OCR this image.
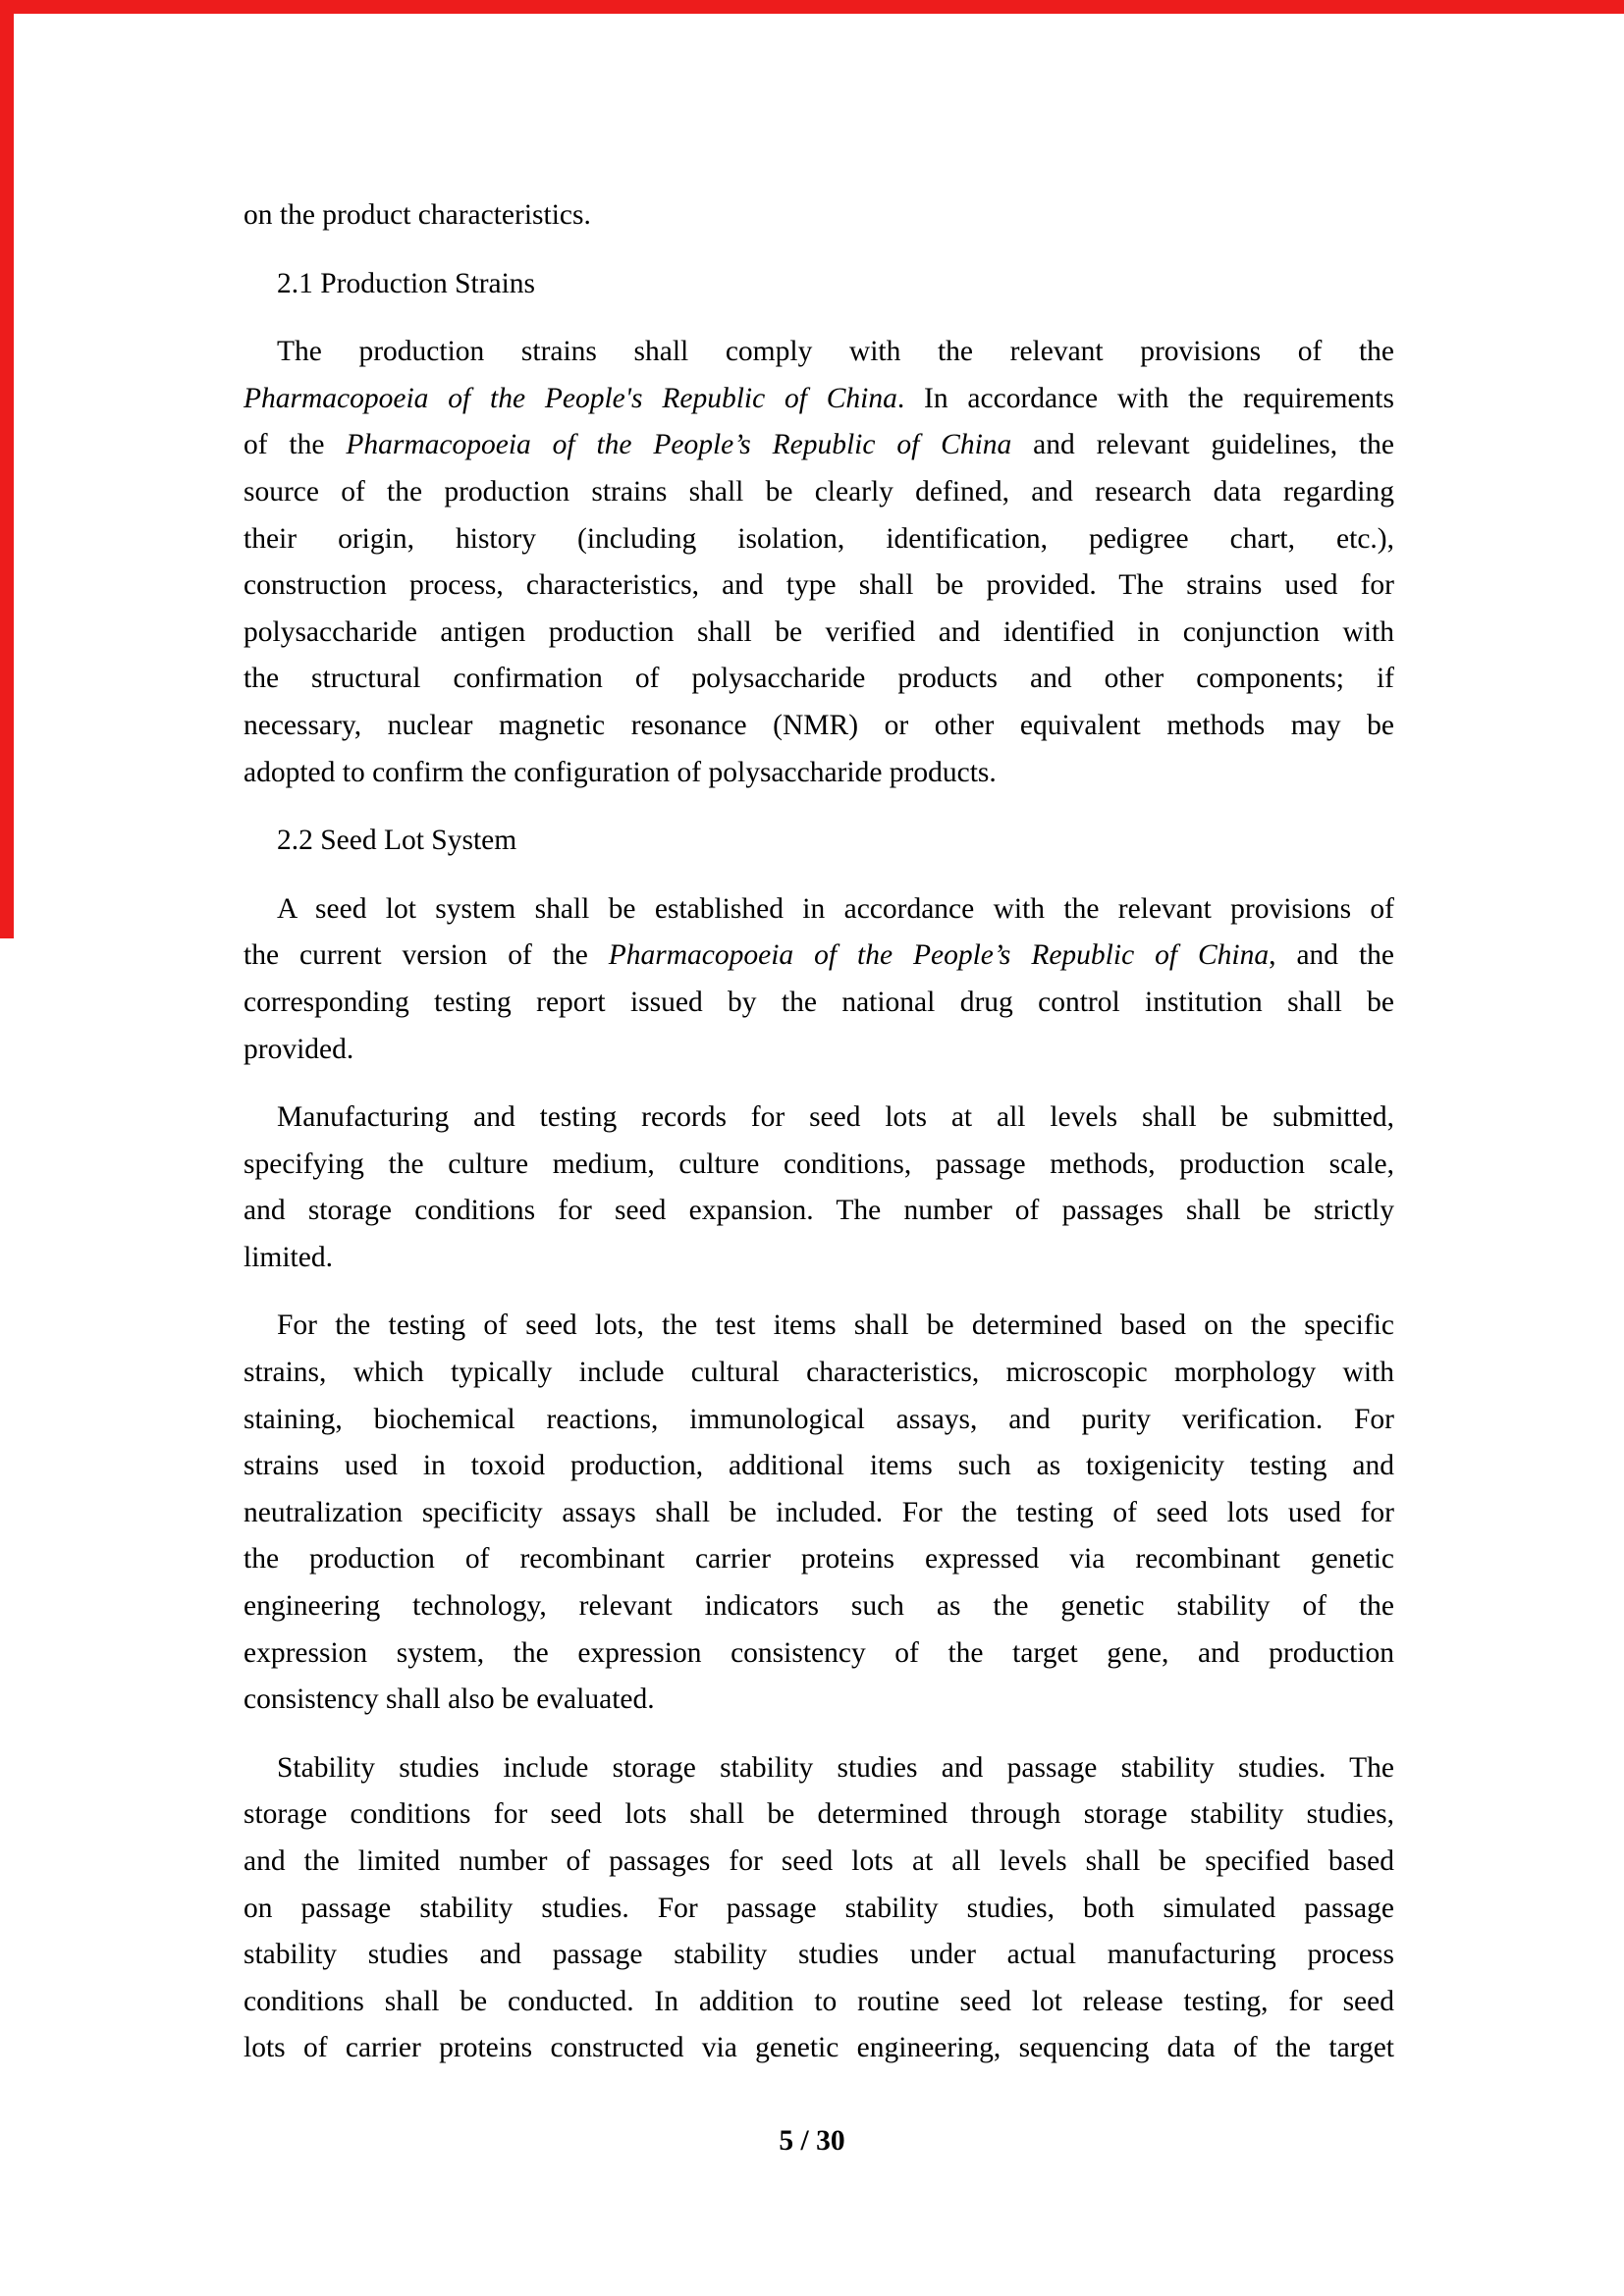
on the product characteristics.
2.1 Production Strains
The production strains shall comply with the relevant provisions of the
Pharmacopoeia of the People's Republic of China. In accordance with the requirements
of the Pharmacopoeia of the People’s Republic of China and relevant guidelines, the
source of the production strains shall be clearly defined, and research data regarding
their origin, history (including isolation, identification, pedigree chart, etc.),
construction process, characteristics, and type shall be provided. The strains used for
polysaccharide antigen production shall be verified and identified in conjunction with
the structural confirmation of polysaccharide products and other components; if
necessary, nuclear magnetic resonance (NMR) or other equivalent methods may be
adopted to confirm the configuration of polysaccharide products.
2.2 Seed Lot System
A seed lot system shall be established in accordance with the relevant provisions of
the current version of the Pharmacopoeia of the People’s Republic of China, and the
corresponding testing report issued by the national drug control institution shall be
provided.
Manufacturing and testing records for seed lots at all levels shall be submitted,
specifying the culture medium, culture conditions, passage methods, production scale,
and storage conditions for seed expansion. The number of passages shall be strictly
limited.
For the testing of seed lots, the test items shall be determined based on the specific
strains, which typically include cultural characteristics, microscopic morphology with
staining, biochemical reactions, immunological assays, and purity verification. For
strains used in toxoid production, additional items such as toxigenicity testing and
neutralization specificity assays shall be included. For the testing of seed lots used for
the production of recombinant carrier proteins expressed via recombinant genetic
engineering technology, relevant indicators such as the genetic stability of the
expression system, the expression consistency of the target gene, and production
consistency shall also be evaluated.
Stability studies include storage stability studies and passage stability studies. The
storage conditions for seed lots shall be determined through storage stability studies,
and the limited number of passages for seed lots at all levels shall be specified based
on passage stability studies. For passage stability studies, both simulated passage
stability studies and passage stability studies under actual manufacturing process
conditions shall be conducted. In addition to routine seed lot release testing, for seed
lots of carrier proteins constructed via genetic engineering, sequencing data of the target
5 / 30
